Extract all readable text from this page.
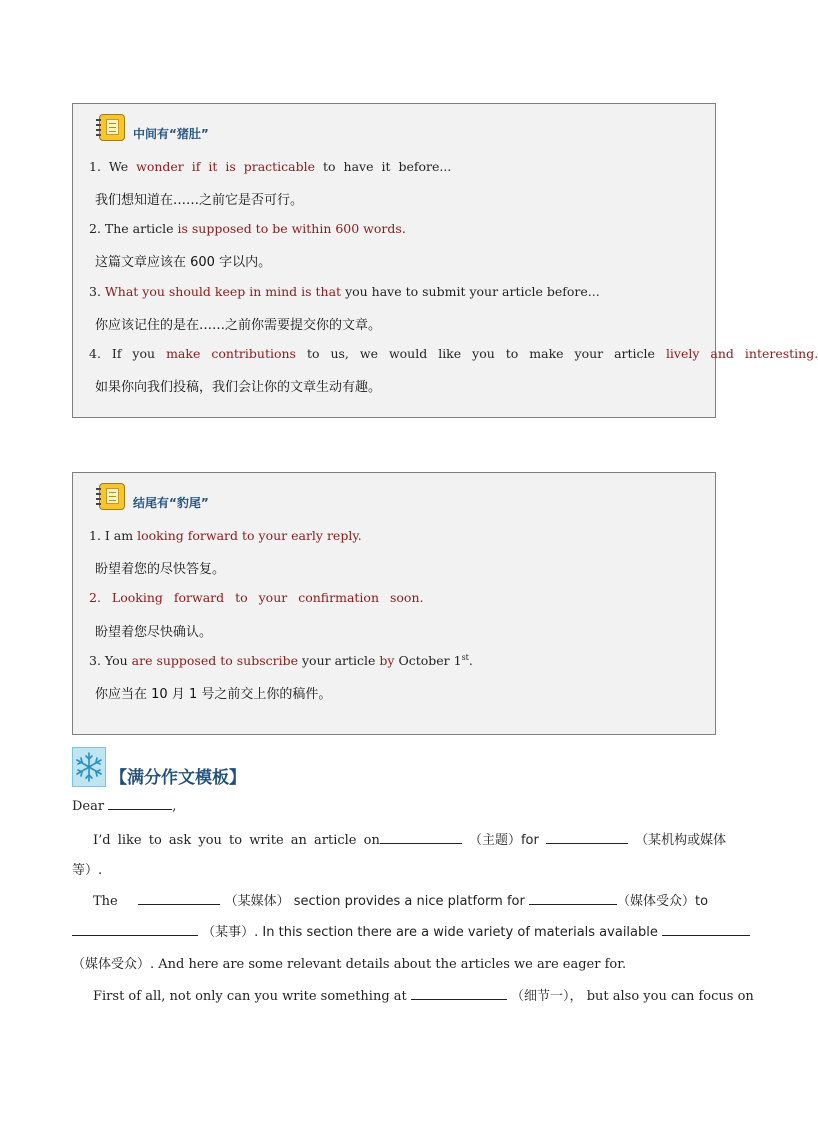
中间有“猪肚”
1. We wonder if it is practicable to have it before...
我们想知道在……之前它是否可行。
2. The article is supposed to be within 600 words.
这篇文章应该在 600 字以内。
3. What you should keep in mind is that you have to submit your article before...
你应该记住的是在……之前你需要提交你的文章。
4. If you make contributions to us, we would like you to make your article lively and interesting.
如果你向我们投稿，我们会让你的文章生动有趣。
结尾有“豹尾”
1. I am looking forward to your early reply.
盼望着您的尽快答复。
2. Looking forward to your confirmation soon.
盼望着您尽快确认。
3. You are supposed to subscribe your article by October 1st.
你应当在 10 月 1 号之前交上你的稿件。
【满分作文模板】
Dear	,
I’d like to ask you to write an article on	（主题）for	（某机构或媒体
等）.
The	（某媒体） section provides a nice platform for	（媒体受众）to
（某事）. In this section there are a wide variety of materials available
（媒体受众）. And here are some relevant details about the articles we are eager for.
First of all, not only can you write something at	（细节一）， but also you can focus on
